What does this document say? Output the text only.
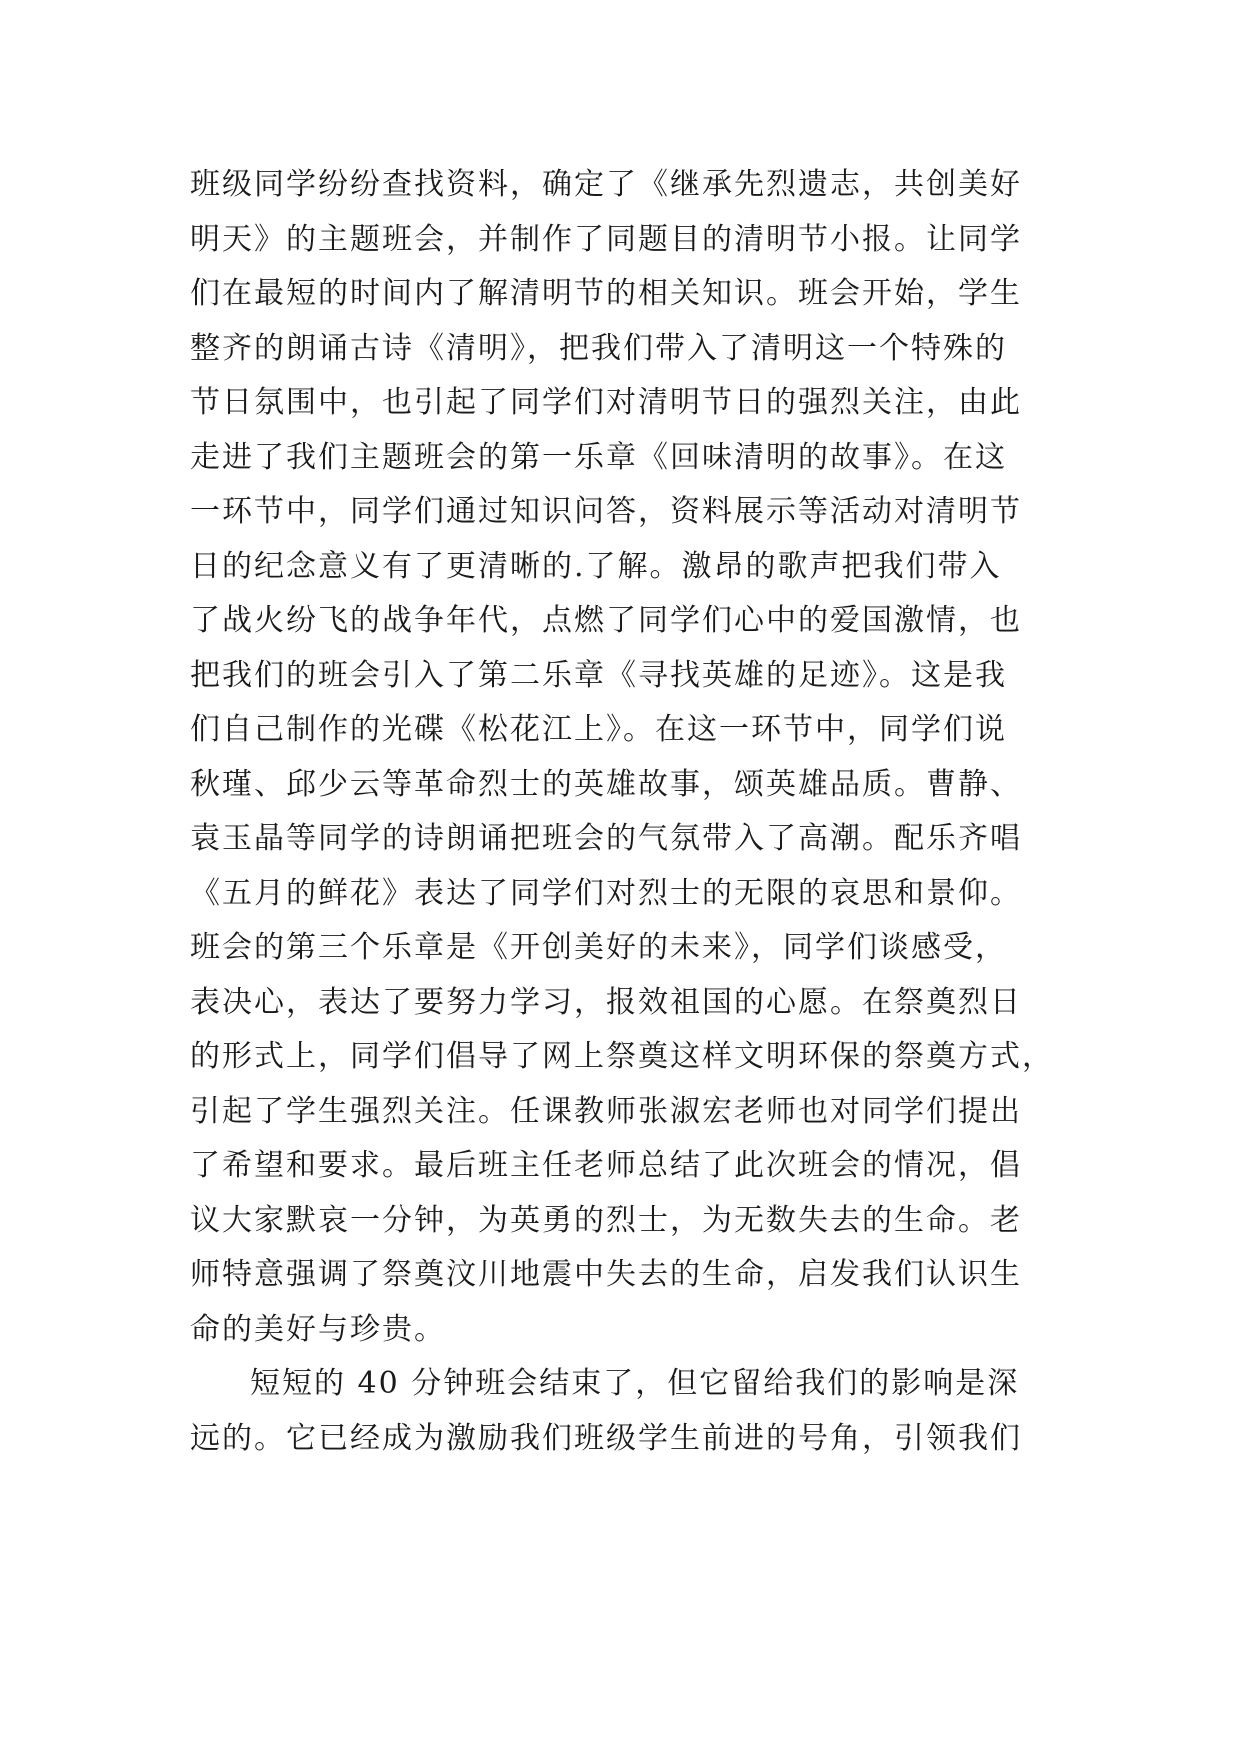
班级同学纷纷查找资料，确定了《继承先烈遗志，共创美好
明天》的主题班会，并制作了同题目的清明节小报。让同学
们在最短的时间内了解清明节的相关知识。班会开始，学生
整齐的朗诵古诗《清明》，把我们带入了清明这一个特殊的
节日氛围中，也引起了同学们对清明节日的强烈关注，由此
走进了我们主题班会的第一乐章《回味清明的故事》。在这
一环节中，同学们通过知识问答，资料展示等活动对清明节
日的纪念意义有了更清晰的.了解。激昂的歌声把我们带入
了战火纷飞的战争年代，点燃了同学们心中的爱国激情，也
把我们的班会引入了第二乐章《寻找英雄的足迹》。这是我
们自己制作的光碟《松花江上》。在这一环节中，同学们说
秋瑾、邱少云等革命烈士的英雄故事，颂英雄品质。曹静、
袁玉晶等同学的诗朗诵把班会的气氛带入了高潮。配乐齐唱
《五月的鲜花》表达了同学们对烈士的无限的哀思和景仰。
班会的第三个乐章是《开创美好的未来》，同学们谈感受，
表决心，表达了要努力学习，报效祖国的心愿。在祭奠烈日
的形式上，同学们倡导了网上祭奠这样文明环保的祭奠方式，
引起了学生强烈关注。任课教师张淑宏老师也对同学们提出
了希望和要求。最后班主任老师总结了此次班会的情况，倡
议大家默哀一分钟，为英勇的烈士，为无数失去的生命。老
师特意强调了祭奠汶川地震中失去的生命，启发我们认识生
命的美好与珍贵。
短短的 40 分钟班会结束了，但它留给我们的影响是深
远的。它已经成为激励我们班级学生前进的号角，引领我们
